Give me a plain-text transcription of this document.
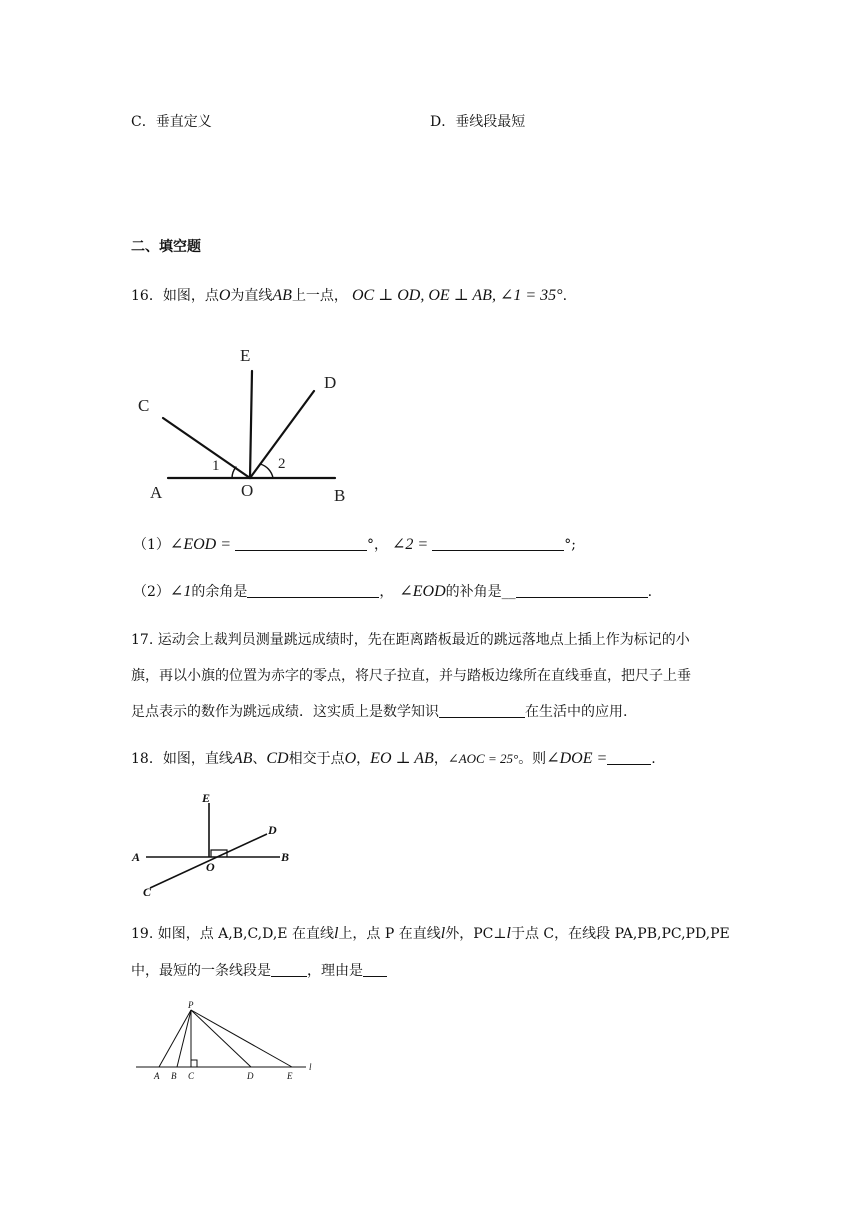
C．垂直定义	D．垂线段最短
二、填空题
16．如图，点O为直线AB上一点， OC ⊥ OD, OE ⊥ AB, ∠1 = 35°.
E
D
C
1	2
A	O	B
（1）∠EOD =	°， ∠2 =	°;
（2）∠1的余角是	， ∠EOD的补角是__	.
17. 运动会上裁判员测量跳远成绩时，先在距离踏板最近的跳远落地点上插上作为标记的小
旗，再以小旗的位置为赤字的零点，将尺子拉直，并与踏板边缘所在直线垂直，把尺子上垂
足点表示的数作为跳远成绩．这实质上是数学知识	在生活中的应用.
18．如图，直线AB、CD相交于点O，EO ⊥ AB，∠AOC = 25°。则∠DOE =	.
E
D
A	B
O
C
19. 如图，点 A,B,C,D,E 在直线l上，点 P 在直线l外，PC⊥l于点 C，在线段 PA,PB,PC,PD,PE
中，最短的一条线段是	，理由是
P
A B C	D	E
l
